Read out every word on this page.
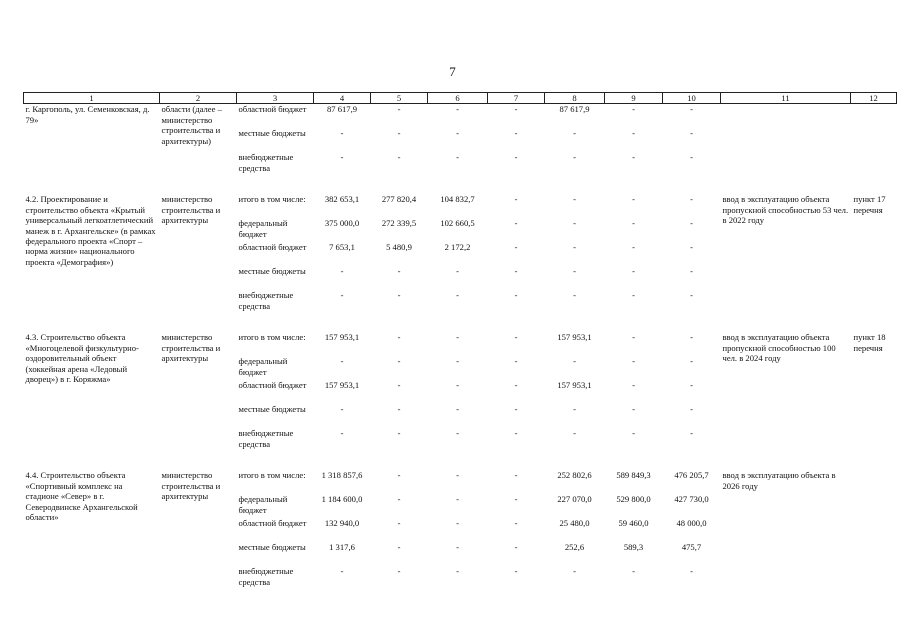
7
1	2	3	4	5	6	7	8	9	10	11	12
г. Каргополь, ул. Семенковская, д. 79»	области (далее – министерство строительства и архитектуры)	областной бюджет	87 617,9	-	-	-	87 617,9	-	-		
		местные бюджеты	-	-	-	-	-	-	-		
		внебюджетные средства	-	-	-	-	-	-	-		

4.2. Проектирование и строительство объекта «Крытый универсальный легкоатлетический манеж в г. Архангельске» (в рамках федерального проекта «Спорт – норма жизни» национального проекта «Демография»)	министерство строительства и архитектуры	итого в том числе:	382 653,1	277 820,4	104 832,7	-	-	-	-	ввод в эксплуатацию объекта пропускной способностью 53 чел. в 2022 году	пункт 17 перечня
		федеральный бюджет	375 000,0	272 339,5	102 660,5	-	-	-	-		
		областной бюджет	7 653,1	5 480,9	2 172,2	-	-	-	-		
		местные бюджеты	-	-	-	-	-	-	-		
		внебюджетные средства	-	-	-	-	-	-	-		

4.3. Строительство объекта «Многоцелевой физкультурно-оздоровительный объект (хоккейная арена «Ледовый дворец») в г. Коряжма»	министерство строительства и архитектуры	итого в том числе:	157 953,1	-	-	-	157 953,1	-	-	ввод в эксплуатацию объекта пропускной способностью 100 чел. в 2024 году	пункт 18 перечня
		федеральный бюджет	-	-	-	-	-	-	-		
		областной бюджет	157 953,1	-	-	-	157 953,1	-	-		
		местные бюджеты	-	-	-	-	-	-	-		
		внебюджетные средства	-	-	-	-	-	-	-		

4.4. Строительство объекта «Спортивный комплекс на стадионе «Север» в г. Северодвинске Архангельской области»	министерство строительства и архитектуры	итого в том числе:	1 318 857,6	-	-	-	252 802,6	589 849,3	476 205,7	ввод в эксплуатацию объекта в 2026 году	
		федеральный бюджет	1 184 600,0	-	-	-	227 070,0	529 800,0	427 730,0		
		областной бюджет	132 940,0	-	-	-	25 480,0	59 460,0	48 000,0		
		местные бюджеты	1 317,6	-	-	-	252,6	589,3	475,7		
		внебюджетные средства	-	-	-	-	-	-	-		
